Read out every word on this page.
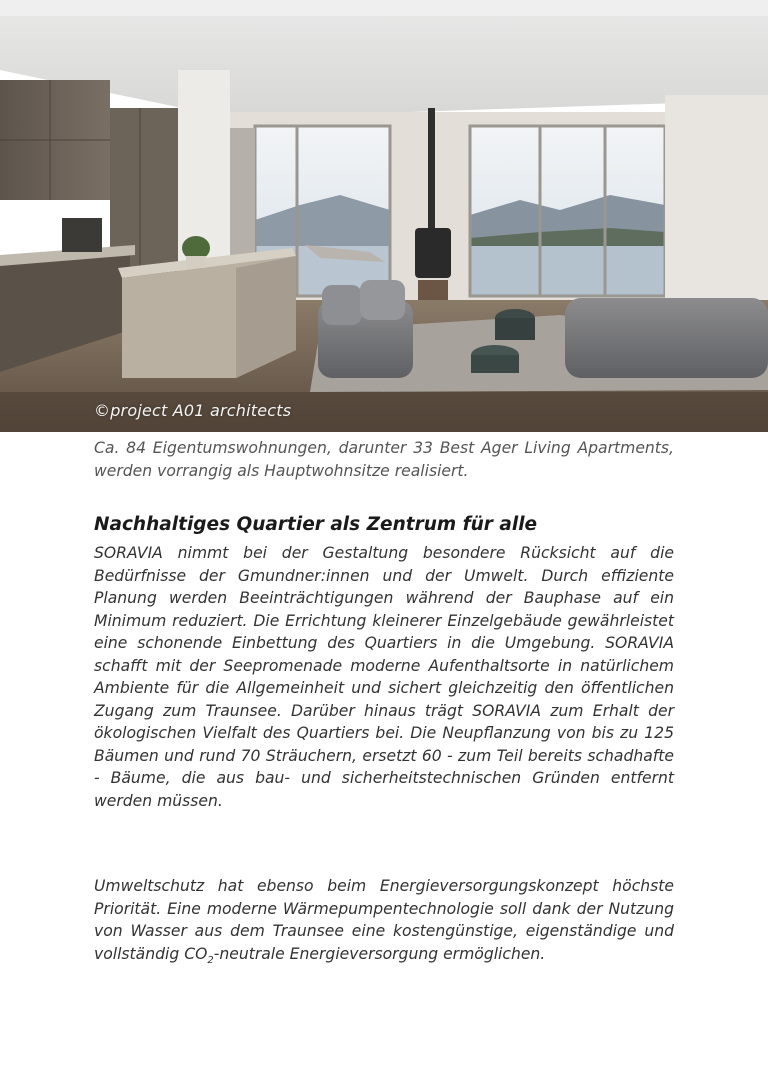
©project A01 architects
Ca. 84 Eigentumswohnungen, darunter 33 Best Ager Living Apartments, werden vorrangig als Hauptwohnsitze realisiert.
Nachhaltiges Quartier als Zentrum für alle
SORAVIA nimmt bei der Gestaltung besondere Rücksicht auf die Bedürfnisse der Gmundner:innen und der Umwelt. Durch effiziente Planung werden Beeinträchtigungen während der Bauphase auf ein Minimum reduziert. Die Errichtung kleinerer Einzelgebäude gewährleistet eine schonende Einbettung des Quartiers in die Umgebung. SORAVIA schafft mit der Seepromenade moderne Aufenthaltsorte in natürlichem Ambiente für die Allgemeinheit und sichert gleichzeitig den öffentlichen Zugang zum Traunsee. Darüber hinaus trägt SORAVIA zum Erhalt der ökologischen Vielfalt des Quartiers bei. Die Neupflanzung von bis zu 125 Bäumen und rund 70 Sträuchern, ersetzt 60 - zum Teil bereits schadhafte - Bäume, die aus bau- und sicherheitstechnischen Gründen entfernt werden müssen.
Umweltschutz hat ebenso beim Energieversorgungskonzept höchste Priorität. Eine moderne Wärmepumpentechnologie soll dank der Nutzung von Wasser aus dem Traunsee eine kostengünstige, eigenständige und vollständig $CO_2$-neutrale Energieversorgung ermöglichen.
